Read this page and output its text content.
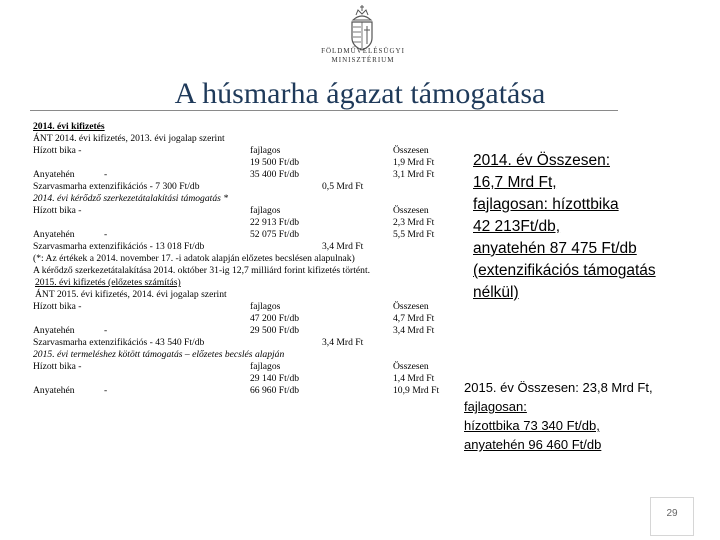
FÖLDMŰVELÉSÜGYI
MINISZTÉRIUM
A húsmarha ágazat támogatása
2014. évi kifizetés
ÁNT 2014. évi kifizetés, 2013. évi jogalap szerint
Hízott bika -	fajlagos	Összesen
19 500 Ft/db	1,9 Mrd Ft
Anyatehén	-	35 400 Ft/db	3,1 Mrd Ft
Szarvasmarha extenzifikációs - 7 300 Ft/db	0,5 Mrd Ft
2014. évi kérődző szerkezetátalakítási támogatás *
Hízott bika -	fajlagos	Összesen
22 913 Ft/db	2,3 Mrd Ft
Anyatehén	-	52 075 Ft/db	5,5 Mrd Ft
Szarvasmarha extenzifikációs - 13 018 Ft/db	3,4 Mrd Ft
(*: Az értékek a 2014. november 17. -i adatok alapján előzetes becslésen alapulnak)
A kérődző szerkezetátalakítása 2014. október 31-ig 12,7 milliárd forint kifizetés történt.
2015. évi kifizetés (előzetes számítás)
ÁNT 2015. évi kifizetés, 2014. évi jogalap szerint
Hízott bika -	fajlagos	Összesen
47 200 Ft/db	4,7 Mrd Ft
Anyatehén	-	29 500 Ft/db	3,4 Mrd Ft
Szarvasmarha extenzifikációs - 43 540 Ft/db	3,4 Mrd Ft
2015. évi termeléshez kötött támogatás – előzetes becslés alapján
Hízott bika -	fajlagos	Összesen
29 140 Ft/db	1,4 Mrd Ft
Anyatehén	-	66 960 Ft/db	10,9 Mrd Ft
2014. év Összesen:
16,7 Mrd Ft,
fajlagosan: hízottbika
42 213Ft/db,
anyatehén 87 475 Ft/db
(extenzifikációs támogatás
nélkül)
2015. év Összesen: 23,8 Mrd Ft,
fajlagosan:
hízottbika 73 340 Ft/db,
anyatehén 96 460 Ft/db
29
